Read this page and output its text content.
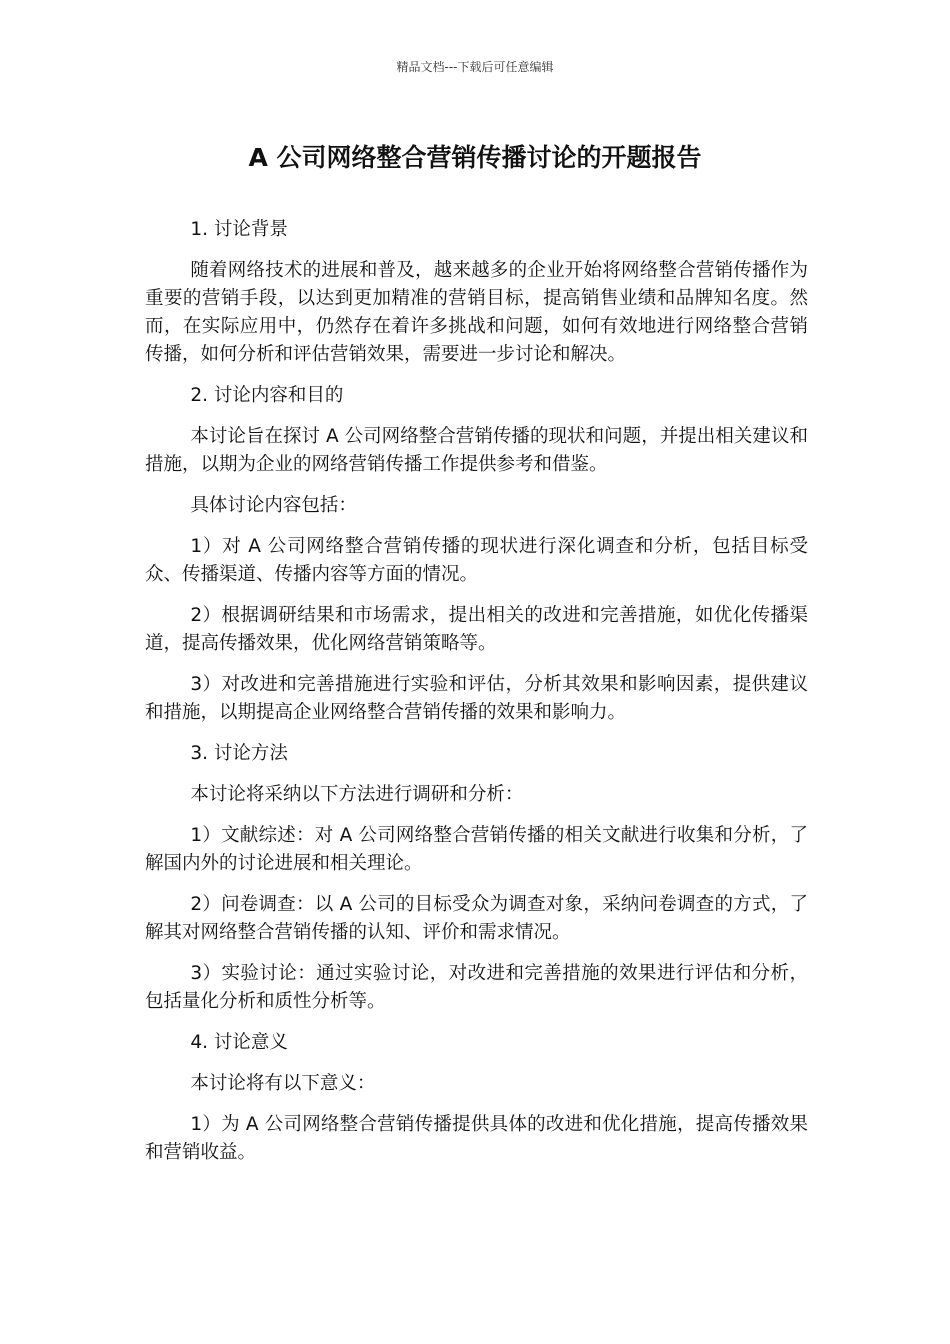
精品文档---下载后可任意编辑
A 公司网络整合营销传播讨论的开题报告

1. 讨论背景

随着网络技术的进展和普及，越来越多的企业开始将网络整合营销传播作为重要的营销手段，以达到更加精准的营销目标，提高销售业绩和品牌知名度。然而，在实际应用中，仍然存在着许多挑战和问题，如何有效地进行网络整合营销传播，如何分析和评估营销效果，需要进一步讨论和解决。

2. 讨论内容和目的

本讨论旨在探讨 A 公司网络整合营销传播的现状和问题，并提出相关建议和措施，以期为企业的网络营销传播工作提供参考和借鉴。

具体讨论内容包括：

1）对 A 公司网络整合营销传播的现状进行深化调查和分析，包括目标受众、传播渠道、传播内容等方面的情况。

2）根据调研结果和市场需求，提出相关的改进和完善措施，如优化传播渠道，提高传播效果，优化网络营销策略等。

3）对改进和完善措施进行实验和评估，分析其效果和影响因素，提供建议和措施，以期提高企业网络整合营销传播的效果和影响力。

3. 讨论方法

本讨论将采纳以下方法进行调研和分析：

1）文献综述：对 A 公司网络整合营销传播的相关文献进行收集和分析，了解国内外的讨论进展和相关理论。

2）问卷调查：以 A 公司的目标受众为调查对象，采纳问卷调查的方式，了解其对网络整合营销传播的认知、评价和需求情况。

3）实验讨论：通过实验讨论，对改进和完善措施的效果进行评估和分析，包括量化分析和质性分析等。

4. 讨论意义

本讨论将有以下意义：

1）为 A 公司网络整合营销传播提供具体的改进和优化措施，提高传播效果和营销收益。
